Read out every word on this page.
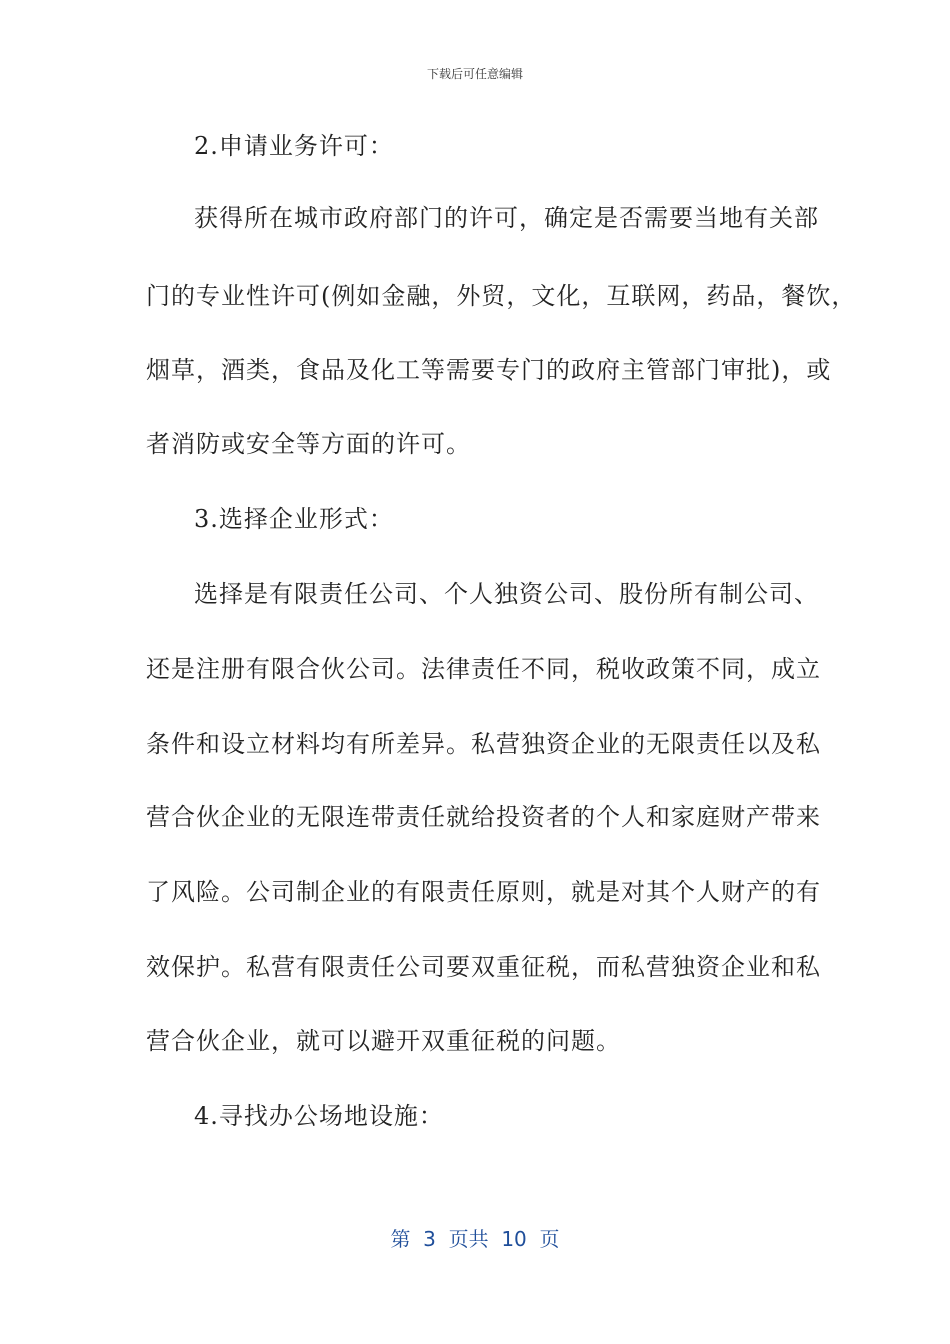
下载后可任意编辑
2.申请业务许可：
获得所在城市政府部门的许可，确定是否需要当地有关部
门的专业性许可(例如金融，外贸，文化，互联网，药品，餐饮，
烟草，酒类，食品及化工等需要专门的政府主管部门审批)，或
者消防或安全等方面的许可。
3.选择企业形式：
选择是有限责任公司、个人独资公司、股份所有制公司、
还是注册有限合伙公司。法律责任不同，税收政策不同，成立
条件和设立材料均有所差异。私营独资企业的无限责任以及私
营合伙企业的无限连带责任就给投资者的个人和家庭财产带来
了风险。公司制企业的有限责任原则，就是对其个人财产的有
效保护。私营有限责任公司要双重征税，而私营独资企业和私
营合伙企业，就可以避开双重征税的问题。
4.寻找办公场地设施：
第  3  页共  10  页
